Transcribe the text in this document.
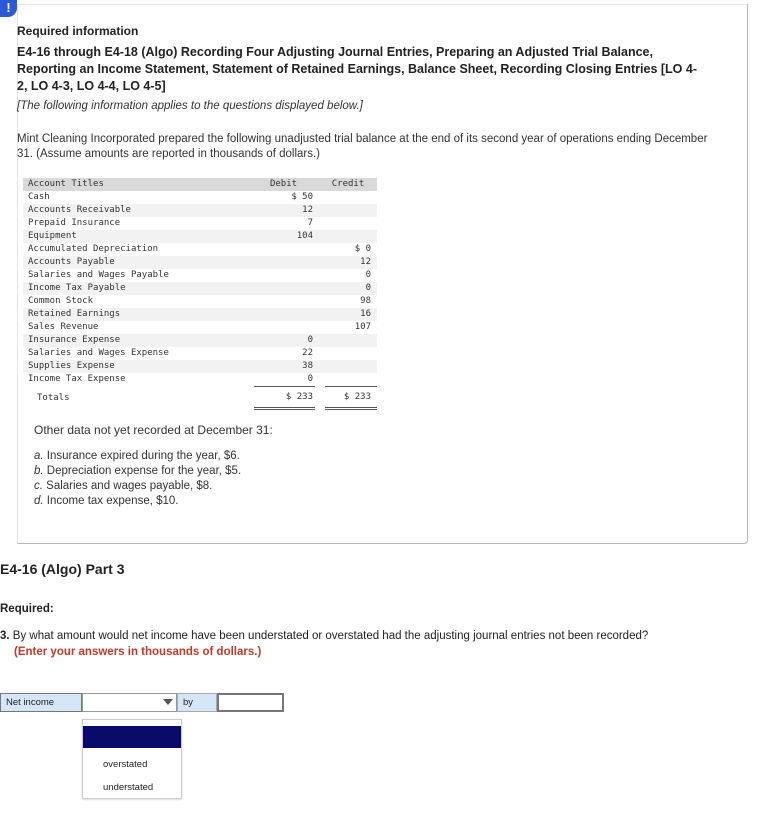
!
Required information
E4-16 through E4-18 (Algo) Recording Four Adjusting Journal Entries, Preparing an Adjusted Trial Balance, Reporting an Income Statement, Statement of Retained Earnings, Balance Sheet, Recording Closing Entries [LO 4-2, LO 4-3, LO 4-4, LO 4-5]
[The following information applies to the questions displayed below.]
Mint Cleaning Incorporated prepared the following unadjusted trial balance at the end of its second year of operations ending December 31. (Assume amounts are reported in thousands of dollars.)
Account Titles	Debit		Credit
Cash	$ 50		
Accounts Receivable	12		
Prepaid Insurance	7		
Equipment	104		
Accumulated Depreciation			$ 0
Accounts Payable			12
Salaries and Wages Payable			0
Income Tax Payable			0
Common Stock			98
Retained Earnings			16
Sales Revenue			107
Insurance Expense	0		
Salaries and Wages Expense	22		
Supplies Expense	38		
Income Tax Expense	0		
Totals	$ 233		$ 233
Other data not yet recorded at December 31:
a. Insurance expired during the year, $6.
b. Depreciation expense for the year, $5.
c. Salaries and wages payable, $8.
d. Income tax expense, $10.
E4-16 (Algo) Part 3
Required:
3. By what amount would net income have been understated or overstated had the adjusting journal entries not been recorded?
(Enter your answers in thousands of dollars.)
Net income	by
overstated
understated
